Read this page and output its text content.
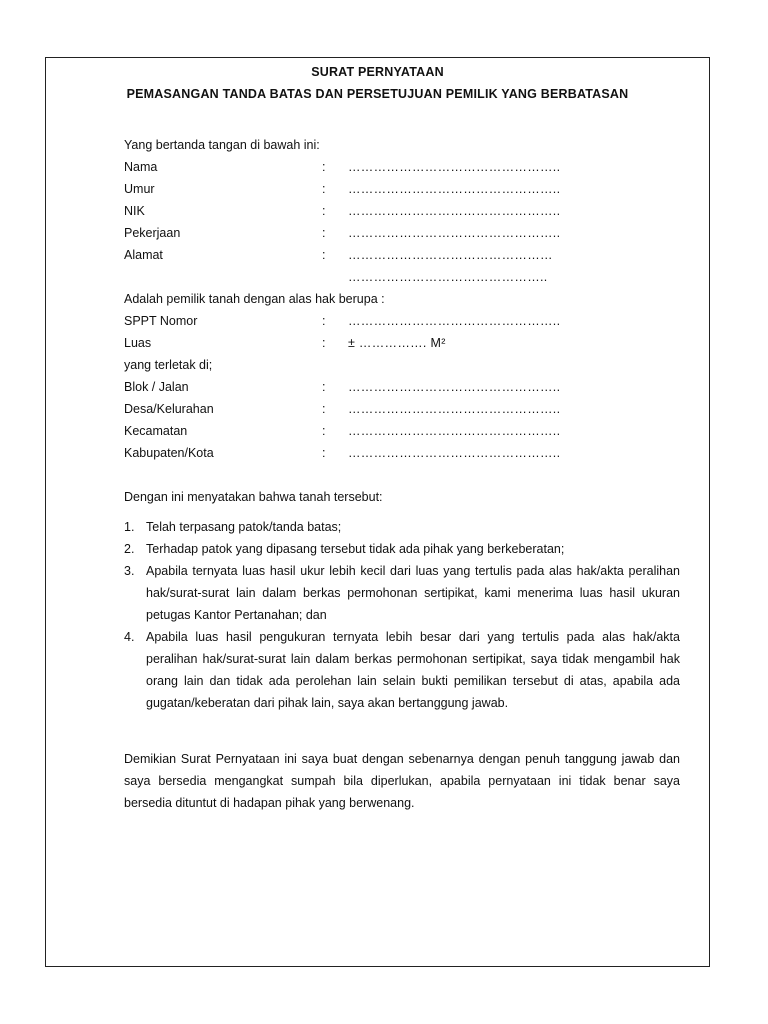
SURAT PERNYATAAN
PEMASANGAN TANDA BATAS DAN PERSETUJUAN PEMILIK YANG BERBATASAN
Yang bertanda tangan di bawah ini:
Nama	: …………………………………………..
Umur	: …………………………………………..
NIK	: …………………………………………..
Pekerjaan	: …………………………………………..
Alamat	: …………………………………………
………………………………………..
Adalah pemilik tanah dengan alas hak berupa :
SPPT Nomor	: …………………………………………..
Luas	: ± ……………. M²
yang terletak di;
Blok / Jalan	: …………………………………………..
Desa/Kelurahan	: …………………………………………..
Kecamatan	: …………………………………………..
Kabupaten/Kota	: …………………………………………..
Dengan ini menyatakan bahwa tanah tersebut:
1. Telah terpasang patok/tanda batas;
2. Terhadap patok yang dipasang tersebut tidak ada pihak yang berkeberatan;
3. Apabila ternyata luas hasil ukur lebih kecil dari luas yang tertulis pada alas hak/akta peralihan hak/surat-surat lain dalam berkas permohonan sertipikat, kami menerima luas hasil ukuran petugas Kantor Pertanahan; dan
4. Apabila luas hasil pengukuran ternyata lebih besar dari yang tertulis pada alas hak/akta peralihan hak/surat-surat lain dalam berkas permohonan sertipikat, saya tidak mengambil hak orang lain dan tidak ada perolehan lain selain bukti pemilikan tersebut di atas, apabila ada gugatan/keberatan dari pihak lain, saya akan bertanggung jawab.
Demikian Surat Pernyataan ini saya buat dengan sebenarnya dengan penuh tanggung jawab dan saya bersedia mengangkat sumpah bila diperlukan, apabila pernyataan ini tidak benar saya bersedia dituntut di hadapan pihak yang berwenang.
